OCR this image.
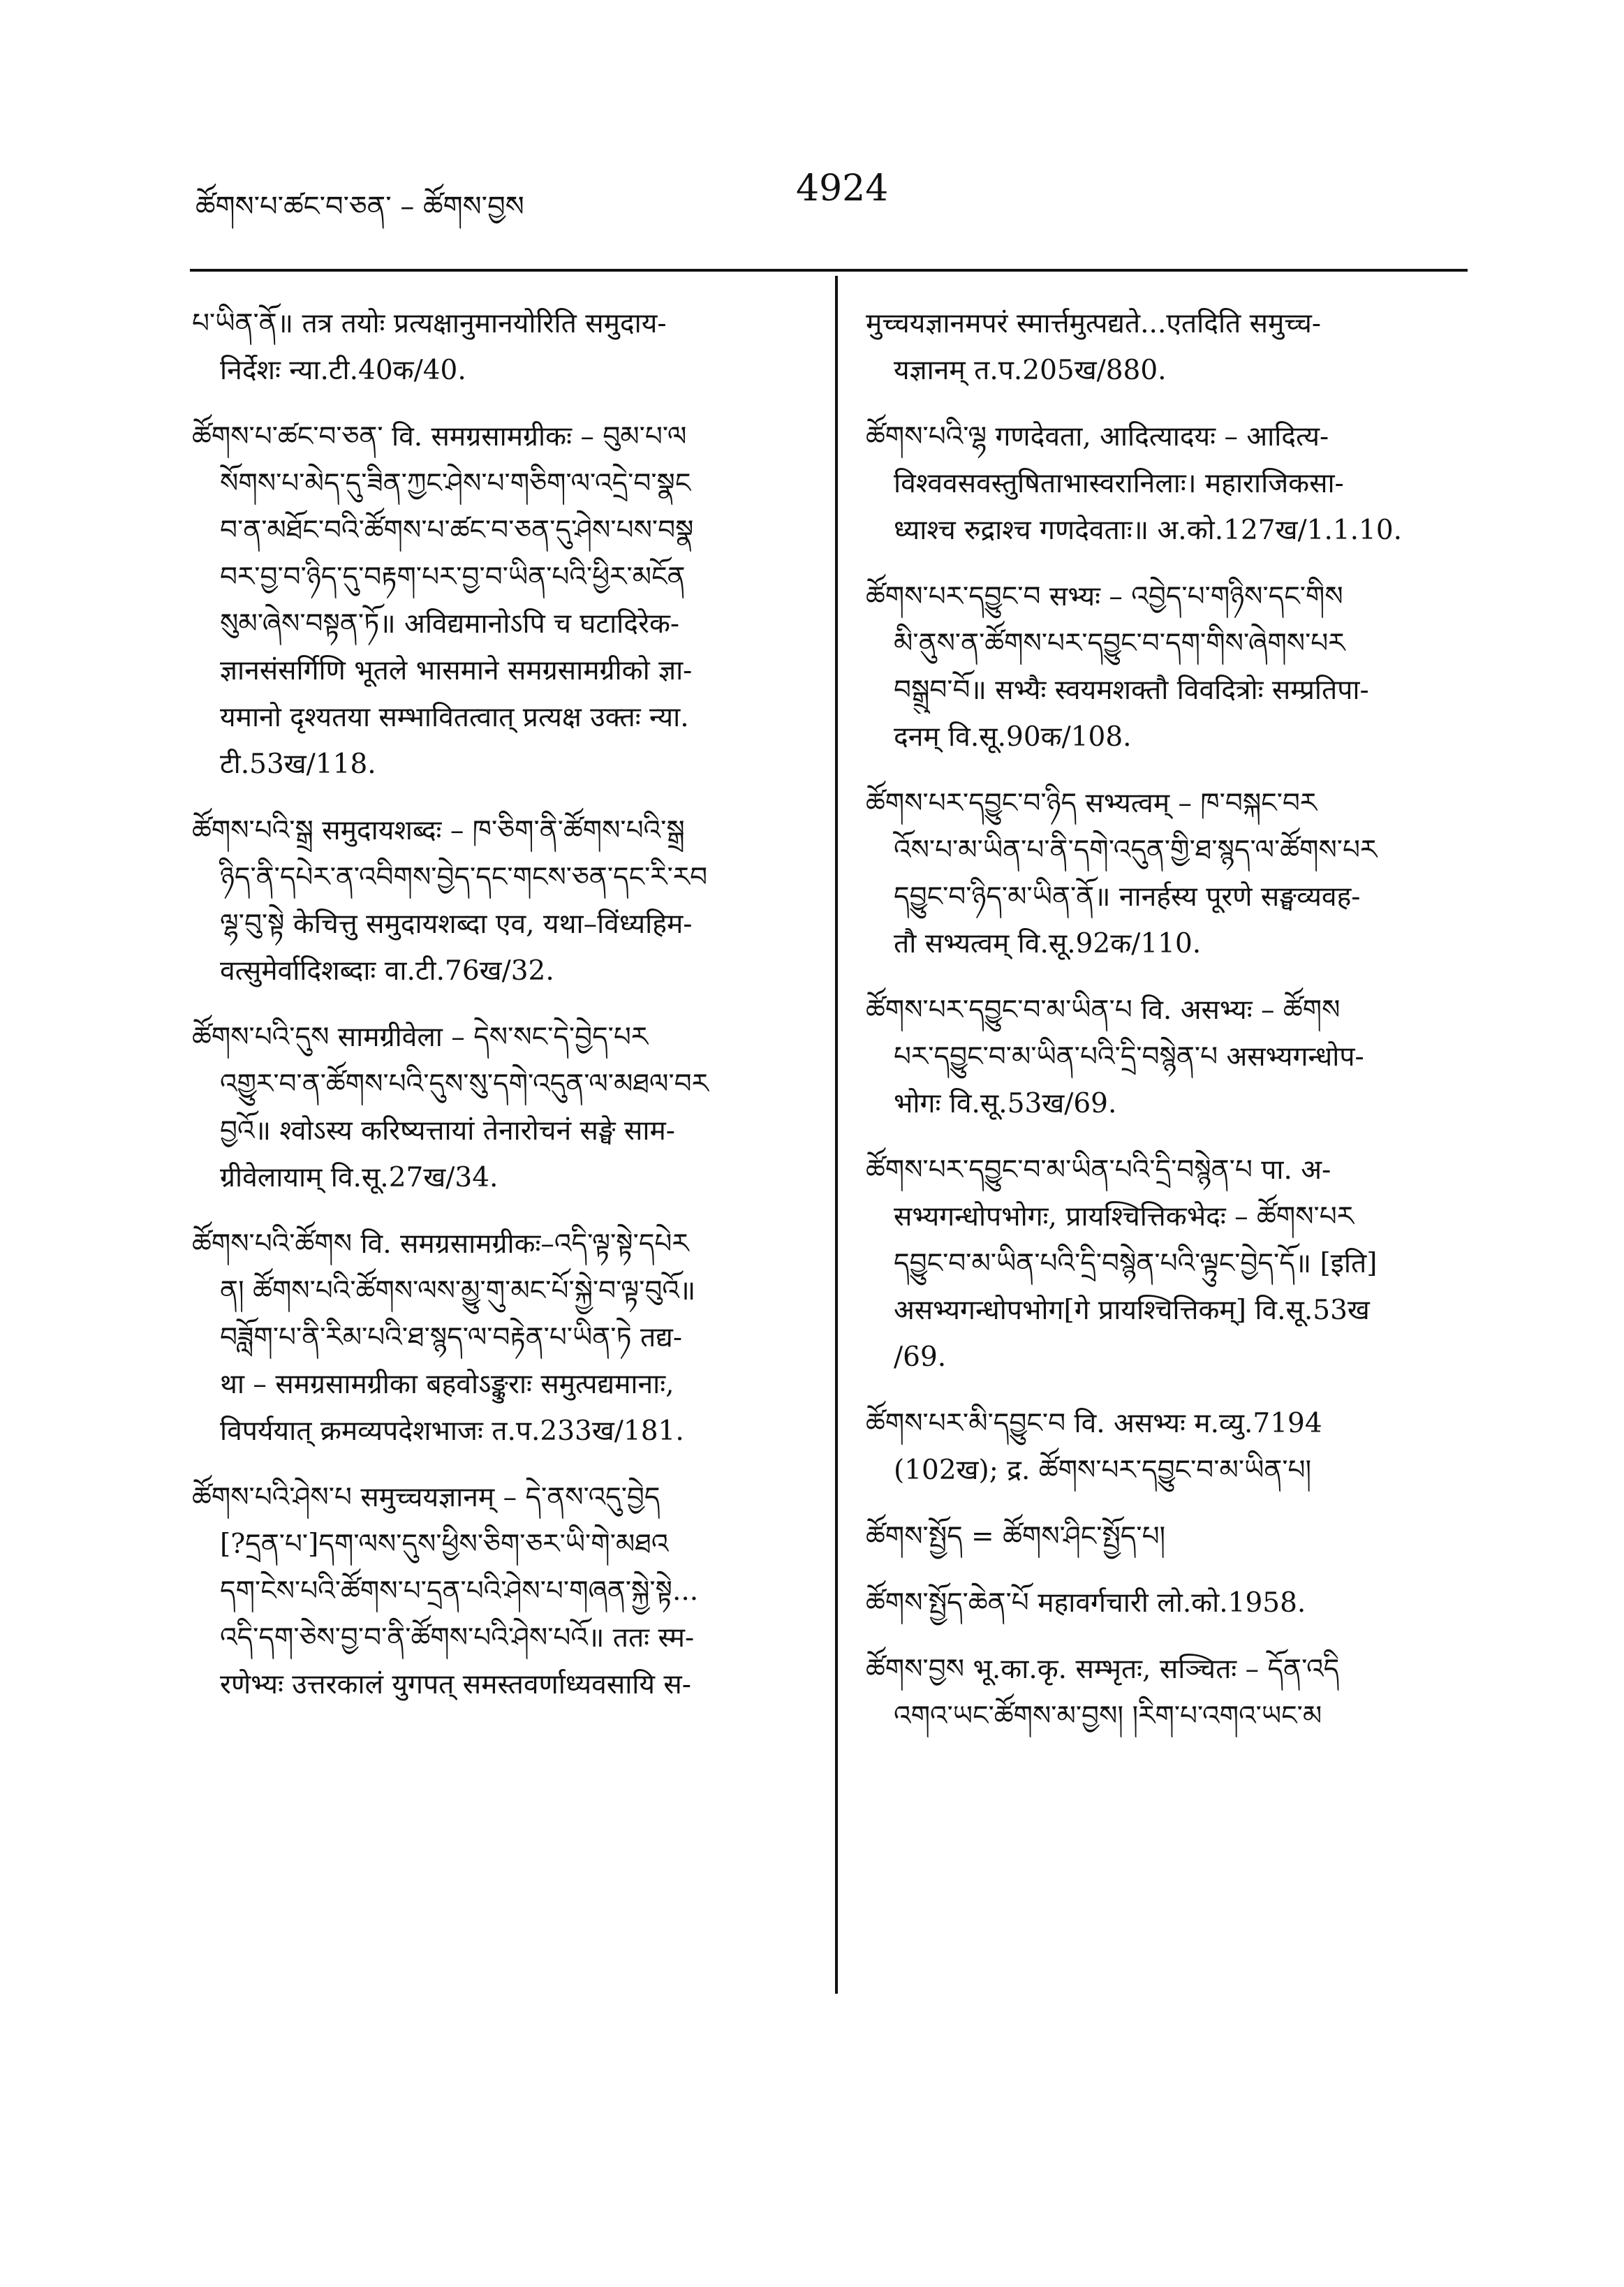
ཚོགས་པ་ཚང་བ་ཅན་ – ཚོགས་བྱས	4924
པ་ཡིན་ནོ॥ तत्र तयोः प्रत्यक्षानुमानयोरिति समुदाय-
निर्देशः न्या.टी.40क/40.
ཚོགས་པ་ཚང་བ་ཅན་ वि. समग्रसामग्रीकः – བུམ་པ་ལ
སོགས་པ་མེད་དུ་ཟིན་ཀྱང་ཤེས་པ་གཅིག་ལ་འདྲེ་བ་སྣང
བ་ན་མཐོང་བའི་ཚོགས་པ་ཚང་བ་ཅན་དུ་ཤེས་པས་བསྣ
བར་བྱ་བ་ཉིད་དུ་བརྟག་པར་བྱ་བ་ཡིན་པའི་ཕྱིར་མངོན
སུམ་ཞེས་བསྟན་ཏོ॥ अविद्यमानोऽपि च घटादिरेक-
ज्ञानसंसर्गिणि भूतले भासमाने समग्रसामग्रीको ज्ञा-
यमानो दृश्यतया सम्भावितत्वात् प्रत्यक्ष उक्तः न्या.
टी.53ख/118.
ཚོགས་པའི་སྒྲ समुदायशब्दः – ཁ་ཅིག་ནི་ཚོགས་པའི་སྒྲ
ཉིད་ནི་དཔེར་ན་འབིགས་བྱེད་དང་གངས་ཅན་དང་རི་རབ
ལྷ་བུ་སྟེ केचित्तु समुदायशब्दा एव, यथा–विंध्यहिम-
वत्सुमेर्वादिशब्दाः वा.टी.76ख/32.
ཚོགས་པའི་དུས सामग्रीवेला – དེས་སང་དེ་བྱེད་པར
འགྱུར་བ་ན་ཚོགས་པའི་དུས་སུ་དགེ་འདུན་ལ་མཐལ་བར
བྱའོ॥ श्वोऽस्य करिष्यत्तायां तेनारोचनं सङ्घे साम-
ग्रीवेलायाम् वि.सू.27ख/34.
ཚོགས་པའི་ཚོགས वि. समग्रसामग्रीकः–འདི་ལྟ་སྟེ་དཔེར
ན། ཚོགས་པའི་ཚོགས་ལས་མྱུ་གུ་མང་པོ་སྐྱེ་བ་ལྟ་བུའོ॥
བཟློག་པ་ནི་རིམ་པའི་ཐ་སྙད་ལ་བརྟེན་པ་ཡིན་ཏེ तद्य-
था – समग्रसामग्रीका बहवोऽङ्कुराः समुत्पद्यमानाः,
विपर्ययात् क्रमव्यपदेशभाजः त.प.233ख/181.
ཚོགས་པའི་ཤེས་པ समुच्चयज्ञानम् – དེ་ནས་འདུ་བྱེད
[?དྲན་པ་]དག་ལས་དུས་ཕྱིས་ཅིག་ཅར་ཡི་གེ་མཐའ
དག་ངེས་པའི་ཚོགས་པ་དྲན་པའི་ཤེས་པ་གཞན་སྐྱེ་སྟེ...
འདི་དག་ཅེས་བྱ་བ་ནི་ཚོགས་པའི་ཤེས་པའོ॥ ततः स्म-
रणेभ्यः उत्तरकालं युगपत् समस्तवर्णाध्यवसायि स-
मुच्चयज्ञानमपरं स्मार्त्तमुत्पद्यते...एतदिति समुच्च-
यज्ञानम् त.प.205ख/880.
ཚོགས་པའི་ལྷ गणदेवता, आदित्यादयः – आदित्य-
विश्ववसवस्तुषिताभास्वरानिलाः। महाराजिकसा-
ध्याश्च रुद्राश्च गणदेवताः॥ अ.को.127ख/1.1.10.
ཚོགས་པར་དབྱུང་བ सभ्यः – འབྱེད་པ་གཉིས་དང་གིས
མི་ནུས་ན་ཚོགས་པར་དབྱུང་བ་དག་གིས་ཞེགས་པར
བསྒྲུབ་བོ॥ सभ्यैः स्वयमशक्तौ विवदित्रोः सम्प्रतिपा-
दनम् वि.सू.90क/108.
ཚོགས་པར་དབྱུང་བ་ཉིད सभ्यत्वम् – ཁ་བསྐང་བར
འོས་པ་མ་ཡིན་པ་ནི་དགེ་འདུན་གྱི་ཐ་སྙད་ལ་ཚོགས་པར
དབྱུང་བ་ཉིད་མ་ཡིན་ནོ॥ नानर्हस्य पूरणे सङ्घव्यवह-
तौ सभ्यत्वम् वि.सू.92क/110.
ཚོགས་པར་དབྱུང་བ་མ་ཡིན་པ वि. असभ्यः – ཚོགས
པར་དབྱུང་བ་མ་ཡིན་པའི་དྲི་བསྙེན་པ असभ्यगन्धोप-
भोगः वि.सू.53ख/69.
ཚོགས་པར་དབྱུང་བ་མ་ཡིན་པའི་དྲི་བསྙེན་པ पा. अ-
सभ्यगन्धोपभोगः, प्रायश्चित्तिकभेदः – ཚོགས་པར
དབྱུང་བ་མ་ཡིན་པའི་དྲི་བསྙེན་པའི་ལྟུང་བྱེད་དོ॥ [इति]
असभ्यगन्धोपभोग[गे प्रायश्चित्तिकम्] वि.सू.53ख
/69.
ཚོགས་པར་མི་དབྱུང་བ वि. असभ्यः म.व्यु.7194
(102ख); द्र. ཚོགས་པར་དབྱུང་བ་མ་ཡིན་པ།
ཚོགས་སྤྱོད = ཚོགས་ཤིང་སྤྱོད་པ།
ཚོགས་སྤྱོད་ཆེན་པོ महावर्गचारी लो.को.1958.
ཚོགས་བྱས भू.का.कृ. सम्भृतः, सञ्चितः – དོན་འདི
འགའ་ཡང་ཚོགས་མ་བྱས། །རིག་པ་འགའ་ཡང་མ
